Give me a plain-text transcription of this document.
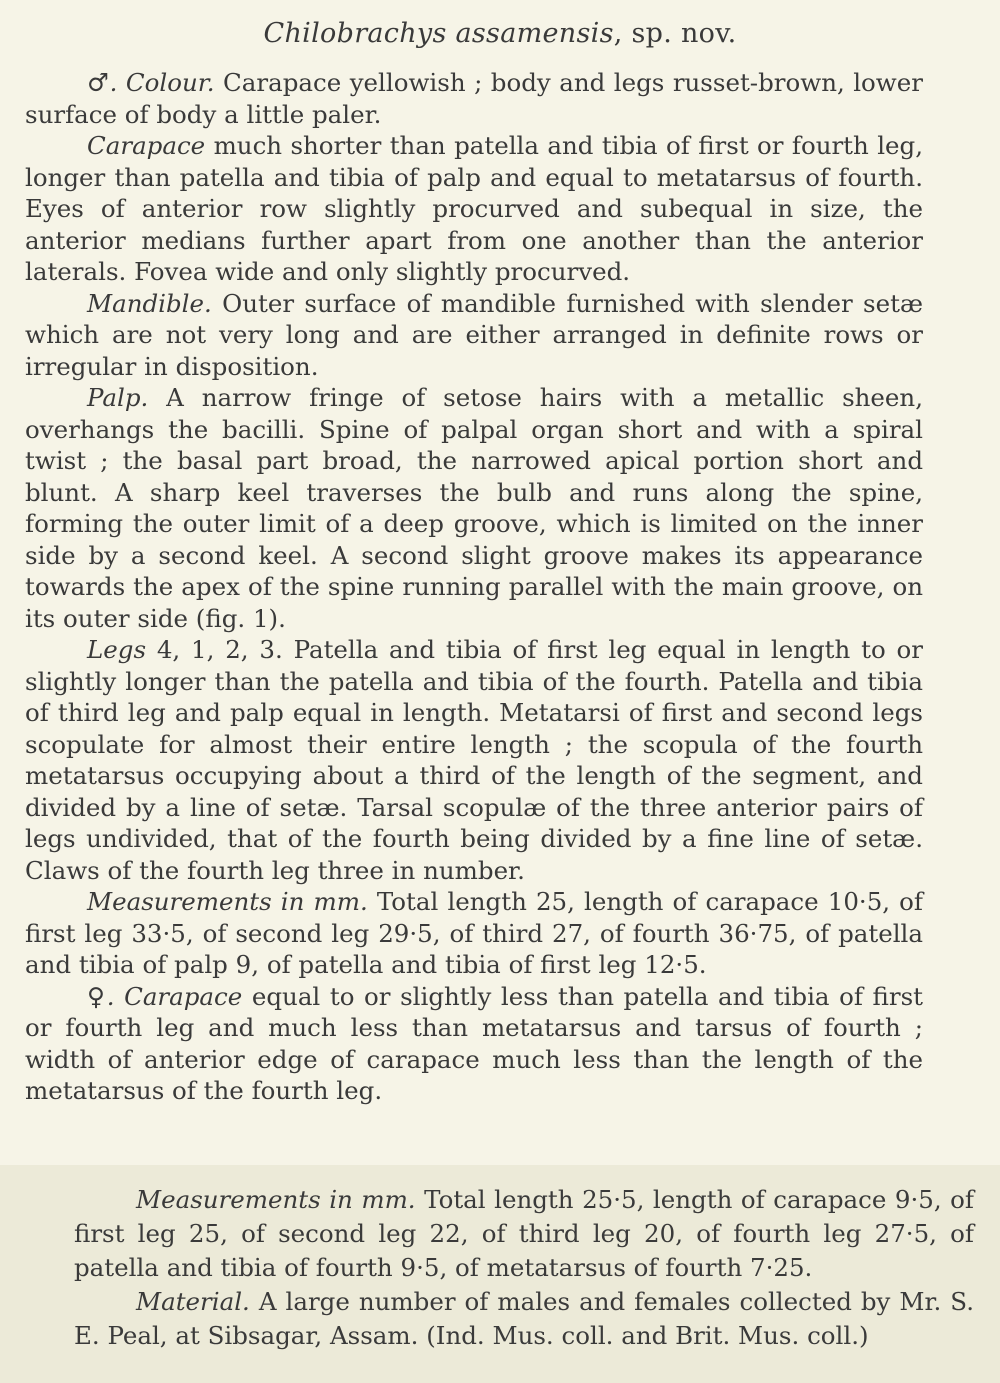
Chilobrachys assamensis, sp. nov.

♂. Colour. Carapace yellowish ; body and legs russet-brown, lower surface of body a little paler.

Carapace much shorter than patella and tibia of first or fourth leg, longer than patella and tibia of palp and equal to metatarsus of fourth. Eyes of anterior row slightly procurved and subequal in size, the anterior medians further apart from one another than the anterior laterals. Fovea wide and only slightly procurved.

Mandible. Outer surface of mandible furnished with slender setæ which are not very long and are either arranged in definite rows or irregular in disposition.

Palp. A narrow fringe of setose hairs with a metallic sheen, overhangs the bacilli. Spine of palpal organ short and with a spiral twist ; the basal part broad, the narrowed apical portion short and blunt. A sharp keel traverses the bulb and runs along the spine, forming the outer limit of a deep groove, which is limited on the inner side by a second keel. A second slight groove makes its appearance towards the apex of the spine running parallel with the main groove, on its outer side (fig. 1).

Legs 4, 1, 2, 3. Patella and tibia of first leg equal in length to or slightly longer than the patella and tibia of the fourth. Patella and tibia of third leg and palp equal in length. Metatarsi of first and second legs scopulate for almost their entire length ; the scopula of the fourth metatarsus occupying about a third of the length of the segment, and divided by a line of setæ. Tarsal scopulæ of the three anterior pairs of legs undivided, that of the fourth being divided by a fine line of setæ. Claws of the fourth leg three in number.

Measurements in mm. Total length 25, length of carapace 10·5, of first leg 33·5, of second leg 29·5, of third 27, of fourth 36·75, of patella and tibia of palp 9, of patella and tibia of first leg 12·5.

♀. Carapace equal to or slightly less than patella and tibia of first or fourth leg and much less than metatarsus and tarsus of fourth ; width of anterior edge of carapace much less than the length of the metatarsus of the fourth leg.

Measurements in mm. Total length 25·5, length of carapace 9·5, of first leg 25, of second leg 22, of third leg 20, of fourth leg 27·5, of patella and tibia of fourth 9·5, of metatarsus of fourth 7·25.

Material. A large number of males and females collected by Mr. S. E. Peal, at Sibsagar, Assam. (Ind. Mus. coll. and Brit. Mus. coll.)
